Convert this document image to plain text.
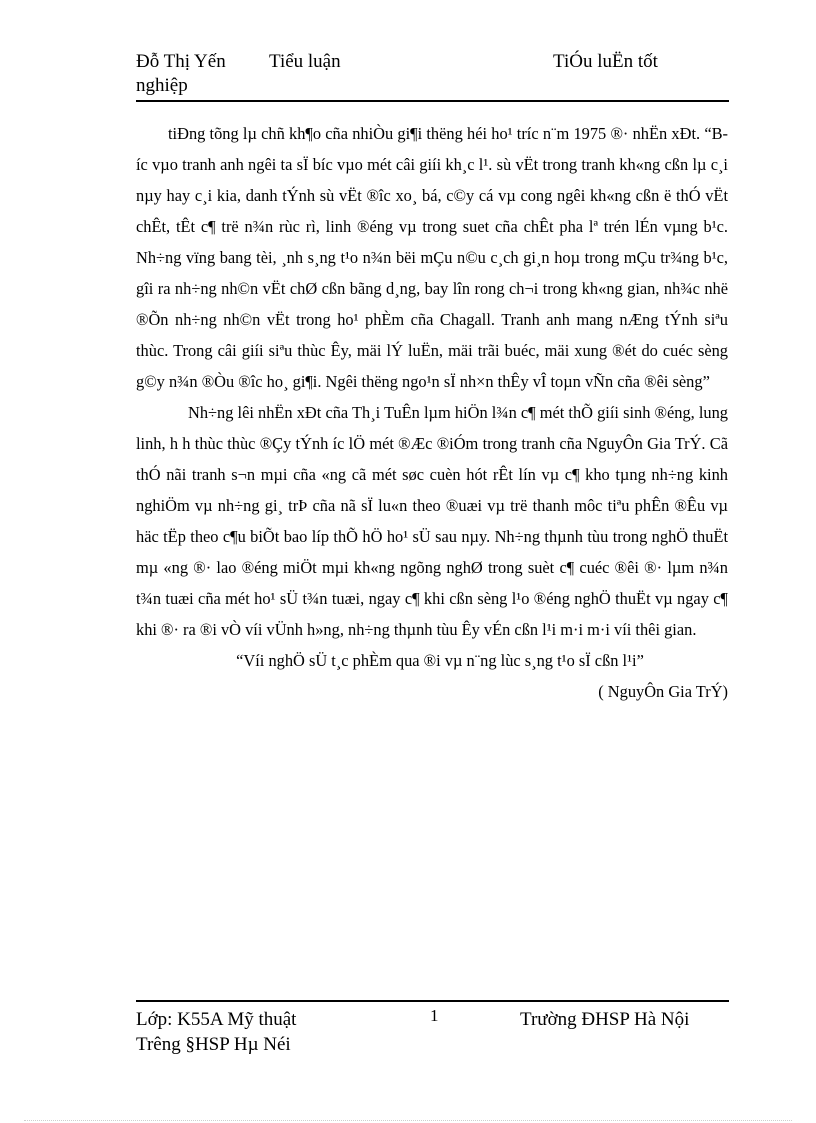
Đỗ Thị Yến Tiểu luận	TiÓu luËn tốt
nghiệp

tiÐng tõng lµ chñ kh¶o cña nhiÒu gi¶i thëng héi ho¹ tríc n¨m 1975 ®· nhËn xÐt. “Bíc vµo tranh anh ngêi ta sÏ bíc vµo mét câi giíi kh¸c l¹. sù vËt trong tranh kh«ng cßn lµ c¸i nµy hay c¸i kia, danh tÝnh sù vËt ®îc xo¸ bá, c©y cá vµ cong ngêi kh«ng cßn ë thÓ vËt chÊt, tÊt c¶ trë n¾n rùc rì, linh ®éng vµ trong suet cña chÊt pha lª trén lÉn vµng b¹c. Nh÷ng vïng bang tèi, ¸nh s¸ng t¹o n¾n bëi mÇu n©u c¸ch gi¸n hoµ trong mÇu tr¾ng b¹c, gîi ra nh÷ng nh©n vËt chØ cßn bãng d¸ng, bay lîn rong ch¬i trong kh«ng gian, nh¾c nhë ®Õn nh÷ng nh©n vËt trong ho¹ phÈm cña Chagall. Tranh anh mang nÆng tÝnh siªu thùc. Trong câi giíi siªu thùc Êy, mäi lÝ luËn, mäi trãi buéc, mäi xung ®ét do cuéc sèng g©y n¾n ®Òu ®îc ho¸ gi¶i. Ngêi thëng ngo¹n sÏ nh×n thÊy vÎ toµn vÑn cña ®êi sèng”

Nh÷ng lêi nhËn xÐt cña Th¸i TuÊn lµm hiÖn l¾n c¶ mét thÕ giíi sinh ®éng, lung linh, h h thùc thùc ®Çy tÝnh íc lÖ mét ®Æc ®iÓm trong tranh cña NguyÔn Gia TrÝ. Cã thÓ nãi tranh s¬n mµi cña «ng cã mét søc cuèn hót rÊt lín vµ c¶ kho tµng nh÷ng kinh nghiÖm vµ nh÷ng gi¸ trÞ cña nã sÏ lu«n theo ®uæi vµ trë thanh môc tiªu phÊn ®Êu vµ häc tËp theo c¶u biÕt bao líp thÕ hÖ ho¹ sÜ sau nµy. Nh÷ng thµnh tùu trong nghÖ thuËt mµ «ng ®· lao ®éng miÖt mµi kh«ng ngõng nghØ trong suèt c¶ cuéc ®êi ®· lµm n¾n t¾n tuæi cña mét ho¹ sÜ t¾n tuæi, ngay c¶ khi cßn sèng l¹o ®éng nghÖ thuËt vµ ngay c¶ khi ®· ra ®i vÒ víi vÜnh h»ng, nh÷ng thµnh tùu Êy vÉn cßn l¹i m·i m·i víi thêi gian.

“Víi nghÖ sÜ t¸c phÈm qua ®i vµ n¨ng lùc s¸ng t¹o sÏ cßn l¹i”

( NguyÔn Gia TrÝ)

Lớp: K55A Mỹ thuật	1	Trường ĐHSP Hà Nội
Trêng §HSP Hµ Néi
